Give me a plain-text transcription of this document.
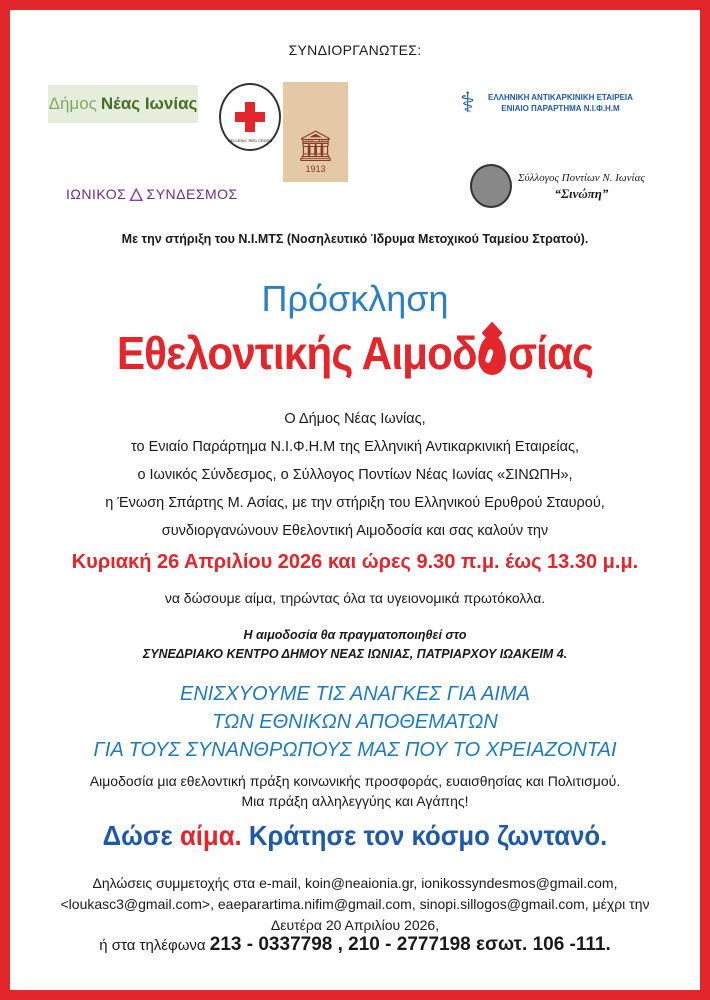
ΣΥΝΔΙΟΡΓΑΝΩΤΕΣ:
Δήμος Νέας Ιωνίας
HELLENIC RED CROSS 🏛
1913
⚕	ΕΛΛΗΝΙΚΗ ΑΝΤΙΚΑΡΚΙΝΙΚΗ ΕΤΑΙΡΕΙΑ
ΕΝΙΑΙΟ ΠΑΡΑΡΤΗΜΑ Ν.Ι.Φ.Η.Μ
ΙΩΝΙΚΟΣ 🜂 ΣΥΝΔΕΣΜΟΣ
Σύλλογος Ποντίων Ν. Ιωνίας
“Σινώπη”
Με την στήριξη του Ν.Ι.ΜΤΣ (Νοσηλευτικό Ίδρυμα Μετοχικού Ταμείου Στρατού).
Πρόσκληση
Εθελοντικής Αιμοδ σίας
Ο Δήμος Νέας Ιωνίας,
το Ενιαίο Παράρτημα Ν.Ι.Φ.Η.Μ της Ελληνική Αντικαρκινική Εταιρείας,
ο Ιωνικός Σύνδεσμος, ο Σύλλογος Ποντίων Νέας Ιωνίας «ΣΙΝΩΠΗ»,
η Ένωση Σπάρτης Μ. Ασίας, με την στήριξη του Ελληνικού Ερυθρού Σταυρού,
συνδιοργανώνουν Εθελοντική Αιμοδοσία και σας καλούν την
Κυριακή 26 Απριλίου 2026 και ώρες 9.30 π.μ. έως 13.30 μ.μ.
να δώσουμε αίμα, τηρώντας όλα τα υγειονομικά πρωτόκολλα.
Η αιμοδοσία θα πραγματοποιηθεί στο
ΣΥΝΕΔΡΙΑΚΟ ΚΕΝΤΡΟ ΔΗΜΟΥ ΝΕΑΣ ΙΩΝΙΑΣ, ΠΑΤΡΙΑΡΧΟΥ ΙΩΑΚΕΙΜ 4.
ΕΝΙΣΧΥΟΥΜΕ ΤΙΣ ΑΝΑΓΚΕΣ ΓΙΑ ΑΙΜΑ
ΤΩΝ ΕΘΝΙΚΩΝ ΑΠΟΘΕΜΑΤΩΝ
ΓΙΑ ΤΟΥΣ ΣΥΝΑΝΘΡΩΠΟΥΣ ΜΑΣ ΠΟΥ ΤΟ ΧΡΕΙΑΖΟΝΤΑΙ
Αιμοδοσία μια εθελοντική πράξη κοινωνικής προσφοράς, ευαισθησίας και Πολιτισμού.
Μια πράξη αλληλεγγύης και Αγάπης!
Δώσε αίμα. Κράτησε τον κόσμο ζωντανό.
Δηλώσεις συμμετοχής στα e-mail, koin@neaionia.gr, ionikossyndesmos@gmail.com,
<loukasc3@gmail.com>, eaeparartima.nifim@gmail.com, sinopi.sillogos@gmail.com, μέχρι την
Δευτέρα 20 Απριλίου 2026,
ή στα τηλέφωνα 213 - 0337798 , 210 - 2777198 εσωτ. 106 -111.
